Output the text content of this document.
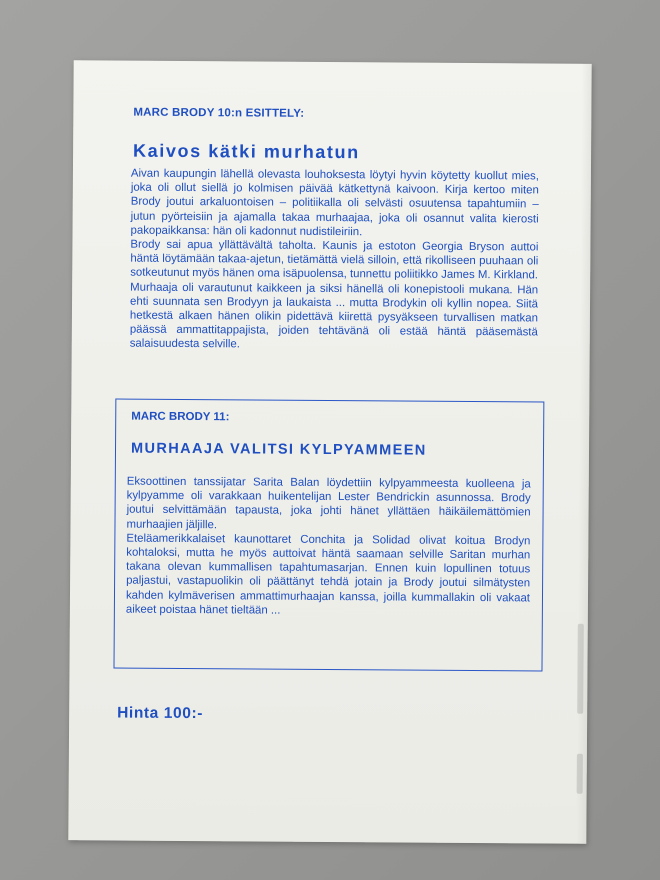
MARC BRODY 10:n ESITTELY:
Kaivos kätki murhatun

Aivan kaupungin lähellä olevasta louhoksesta löytyi hyvin köytetty kuollut mies, joka oli ollut siellä jo kolmisen päivää kätkettynä kaivoon. Kirja kertoo miten Brody joutui arkaluontoisen – politiikalla oli selvästi osuutensa tapahtumiin – jutun pyörteisiin ja ajamalla takaa murhaajaa, joka oli osannut valita kierosti pakopaikkansa: hän oli kadonnut nudistileiriin.

Brody sai apua yllättävältä taholta. Kaunis ja estoton Georgia Bryson auttoi häntä löytämään takaa-ajetun, tietämättä vielä silloin, että rikolliseen puuhaan oli sotkeutunut myös hänen oma isäpuolensa, tunnettu poliitikko James M. Kirkland.

Murhaaja oli varautunut kaikkeen ja siksi hänellä oli konepistooli mukana. Hän ehti suunnata sen Brodyyn ja laukaista ... mutta Brodykin oli kyllin nopea. Siitä hetkestä alkaen hänen olikin pidettävä kiirettä pysyäkseen turvallisen matkan päässä ammattitappajista, joiden tehtävänä oli estää häntä pääsemästä salaisuudesta selville.

MARC BRODY 11:
MURHAAJA VALITSI KYLPYAMMEEN

Eksoottinen tanssijatar Sarita Balan löydettiin kylpyammeesta kuolleena ja kylpyamme oli varakkaan huikentelijan Lester Bendrickin asunnossa. Brody joutui selvittämään tapausta, joka johti hänet yllättäen häikäilemättömien murhaajien jäljille.

Eteläamerikkalaiset kaunottaret Conchita ja Solidad olivat koitua Brodyn kohtaloksi, mutta he myös auttoivat häntä saamaan selville Saritan murhan takana olevan kummallisen tapahtumasarjan. Ennen kuin lopullinen totuus paljastui, vastapuolikin oli päättänyt tehdä jotain ja Brody joutui silmätysten kahden kylmäverisen ammattimurhaajan kanssa, joilla kummallakin oli vakaat aikeet poistaa hänet tieltään ...

Hinta 100:-
